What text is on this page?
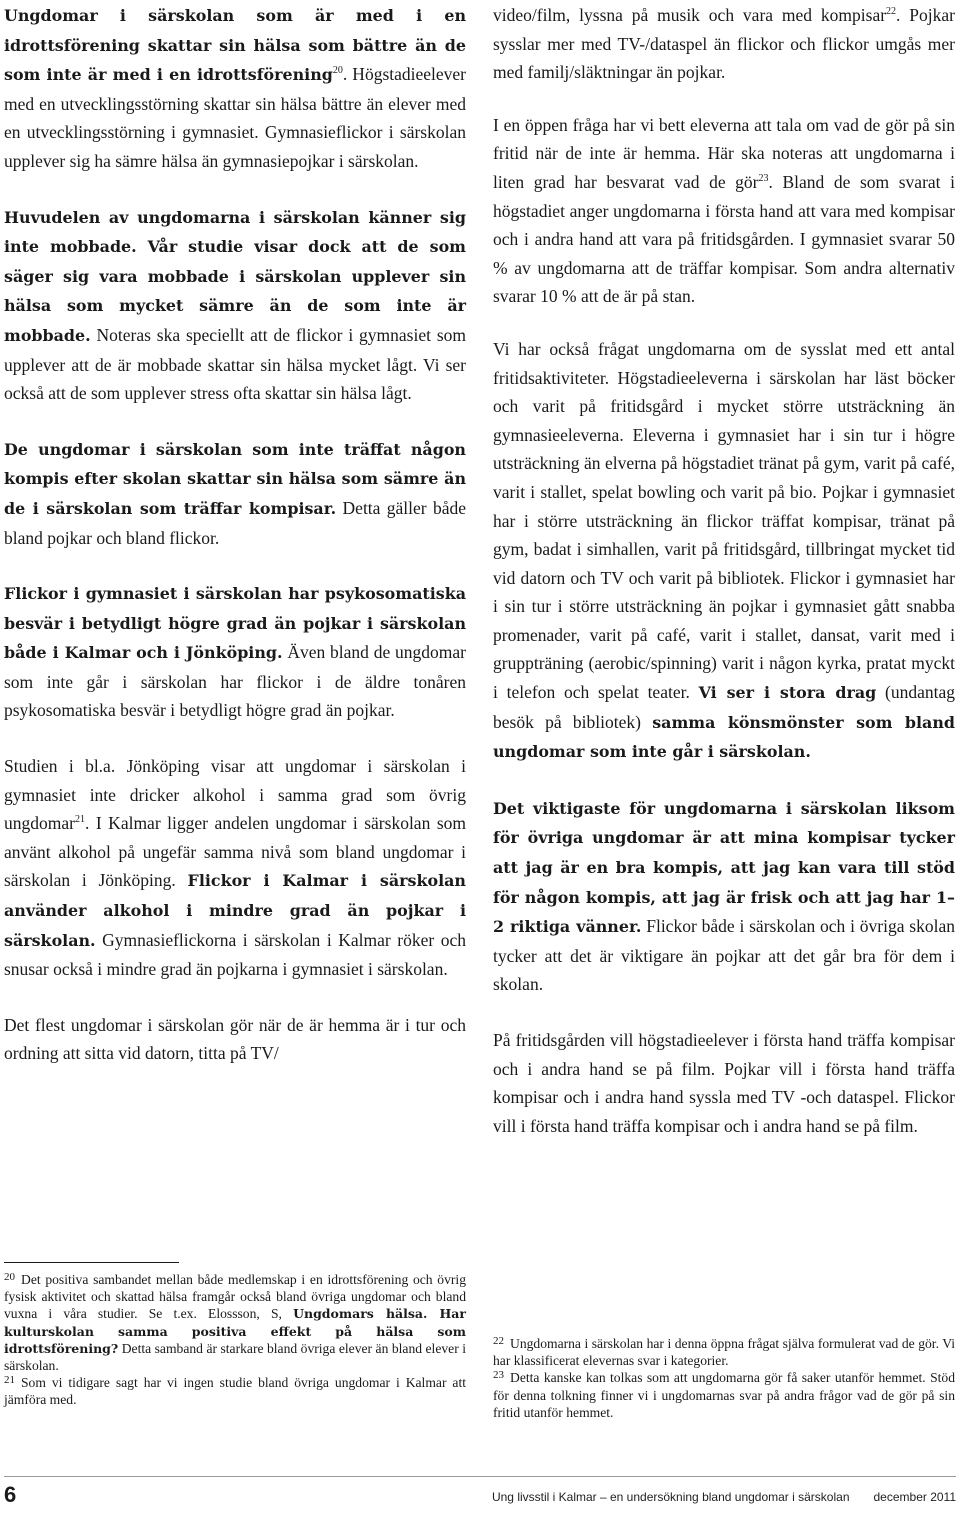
Ungdomar i särskolan som är med i en idrottsförening skattar sin hälsa som bättre än de som inte är med i en idrottsförening$^{20}$. Högstadieelever med en utvecklingsstörning skattar sin hälsa bättre än elever med en utvecklingsstörning i gymnasiet. Gymnasieflickor i särskolan upplever sig ha sämre hälsa än gymnasiepojkar i särskolan.

Huvudelen av ungdomarna i särskolan känner sig inte mobbade. Vår studie visar dock att de som säger sig vara mobbade i särskolan upplever sin hälsa som mycket sämre än de som inte är mobbade. Noteras ska speciellt att de flickor i gymnasiet som upplever att de är mobbade skattar sin hälsa mycket lågt. Vi ser också att de som upplever stress ofta skattar sin hälsa lågt.

De ungdomar i särskolan som inte träffat någon kompis efter skolan skattar sin hälsa som sämre än de i särskolan som träffar kompisar. Detta gäller både bland pojkar och bland flickor.

Flickor i gymnasiet i särskolan har psykosomatiska besvär i betydligt högre grad än pojkar i särskolan både i Kalmar och i Jönköping. Även bland de ungdomar som inte går i särskolan har flickor i de äldre tonåren psykosomatiska besvär i betydligt högre grad än pojkar.

Studien i bl.a. Jönköping visar att ungdomar i särskolan i gymnasiet inte dricker alkohol i samma grad som övrig ungdomar$^{21}$. I Kalmar ligger andelen ungdomar i särskolan som använt alkohol på ungefär samma nivå som bland ungdomar i särskolan i Jönköping. Flickor i Kalmar i särskolan använder alkohol i mindre grad än pojkar i särskolan. Gymnasieflickorna i särskolan i Kalmar röker och snusar också i mindre grad än pojkarna i gymnasiet i särskolan.

Det flest ungdomar i särskolan gör när de är hemma är i tur och ordning att sitta vid datorn, titta på TV/

video/film, lyssna på musik och vara med kompisar$^{22}$. Pojkar sysslar mer med TV-/dataspel än flickor och flickor umgås mer med familj/släktningar än pojkar.

I en öppen fråga har vi bett eleverna att tala om vad de gör på sin fritid när de inte är hemma. Här ska noteras att ungdomarna i liten grad har besvarat vad de gör$^{23}$. Bland de som svarat i högstadiet anger ungdomarna i första hand att vara med kompisar och i andra hand att vara på fritidsgården. I gymnasiet svarar 50 % av ungdomarna att de träffar kompisar. Som andra alternativ svarar 10 % att de är på stan.

Vi har också frågat ungdomarna om de sysslat med ett antal fritidsaktiviteter. Högstadieeleverna i särskolan har läst böcker och varit på fritidsgård i mycket större utsträckning än gymnasieeleverna. Eleverna i gymnasiet har i sin tur i högre utsträckning än elverna på högstadiet tränat på gym, varit på café, varit i stallet, spelat bowling och varit på bio. Pojkar i gymnasiet har i större utsträckning än flickor träffat kompisar, tränat på gym, badat i simhallen, varit på fritidsgård, tillbringat mycket tid vid datorn och TV och varit på bibliotek. Flickor i gymnasiet har i sin tur i större utsträckning än pojkar i gymnasiet gått snabba promenader, varit på café, varit i stallet, dansat, varit med i gruppträning (aerobic/spinning) varit i någon kyrka, pratat myckt i telefon och spelat teater. Vi ser i stora drag (undantag besök på bibliotek) samma könsmönster som bland ungdomar som inte går i särskolan.

Det viktigaste för ungdomarna i särskolan liksom för övriga ungdomar är att mina kompisar tycker att jag är en bra kompis, att jag kan vara till stöd för någon kompis, att jag är frisk och att jag har 1–2 riktiga vänner. Flickor både i särskolan och i övriga skolan tycker att det är viktigare än pojkar att det går bra för dem i skolan.

På fritidsgården vill högstadieelever i första hand träffa kompisar och i andra hand se på film. Pojkar vill i första hand träffa kompisar och i andra hand syssla med TV -och dataspel. Flickor vill i första hand träffa kompisar och i andra hand se på film.

$^{20}$ Det positiva sambandet mellan både medlemskap i en idrottsförening och övrig fysisk aktivitet och skattad hälsa framgår också bland övriga ungdomar och bland vuxna i våra studier. Se t.ex. Elossson, S, Ungdomars hälsa. Har kulturskolan samma positiva effekt på hälsa som idrottsförening? Detta samband är starkare bland övriga elever än bland elever i särskolan.

$^{21}$ Som vi tidigare sagt har vi ingen studie bland övriga ungdomar i Kalmar att jämföra med.

$^{22}$ Ungdomarna i särskolan har i denna öppna frågat själva formulerat vad de gör. Vi har klassificerat elevernas svar i kategorier.

$^{23}$ Detta kanske kan tolkas som att ungdomarna gör få saker utanför hemmet. Stöd för denna tolkning finner vi i ungdomarnas svar på andra frågor vad de gör på sin fritid utanför hemmet.

6	Ung livsstil i Kalmar – en undersökning bland ungdomar i särskolan december 2011
